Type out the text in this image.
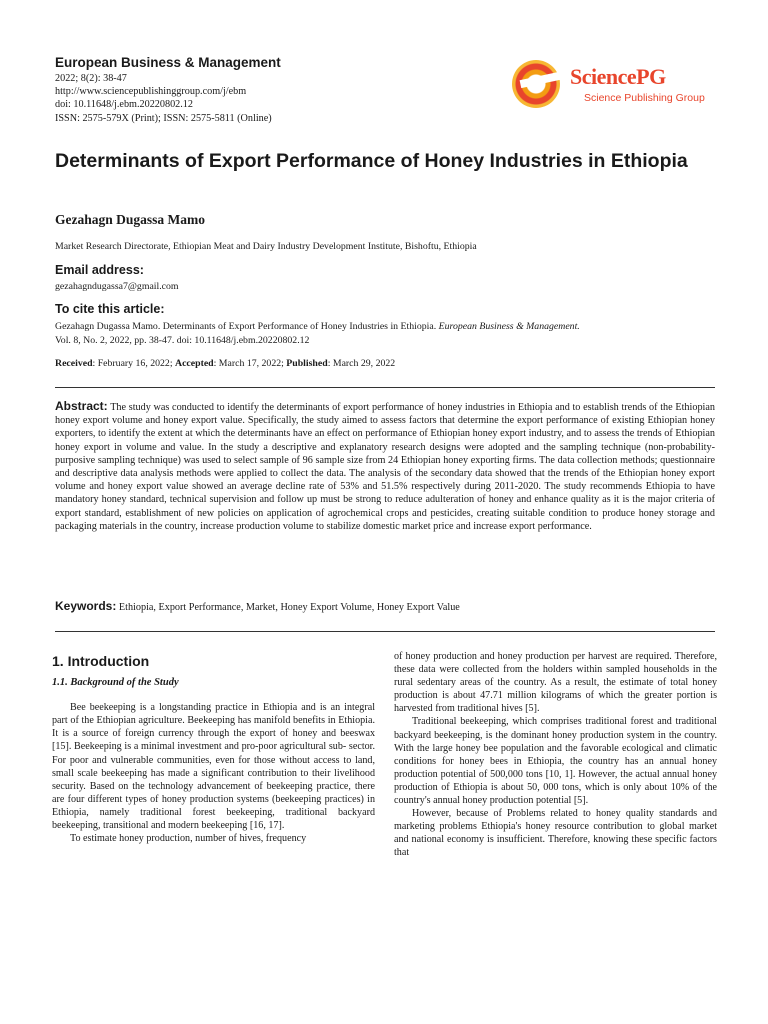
European Business & Management
2022; 8(2): 38-47
http://www.sciencepublishinggroup.com/j/ebm
doi: 10.11648/j.ebm.20220802.12
ISSN: 2575-579X (Print); ISSN: 2575-5811 (Online)
SciencePG
Science Publishing Group
Determinants of Export Performance of Honey Industries in Ethiopia
Gezahagn Dugassa Mamo
Market Research Directorate, Ethiopian Meat and Dairy Industry Development Institute, Bishoftu, Ethiopia
Email address:
gezahagndugassa7@gmail.com
To cite this article:
Gezahagn Dugassa Mamo. Determinants of Export Performance of Honey Industries in Ethiopia. European Business & Management.
Vol. 8, No. 2, 2022, pp. 38-47. doi: 10.11648/j.ebm.20220802.12
Received: February 16, 2022; Accepted: March 17, 2022; Published: March 29, 2022
Abstract: The study was conducted to identify the determinants of export performance of honey industries in Ethiopia and to establish trends of the Ethiopian honey export volume and honey export value. Specifically, the study aimed to assess factors that determine the export performance of existing Ethiopian honey exporters, to identify the extent at which the determinants have an effect on performance of Ethiopian honey export industry, and to assess the trends of Ethiopian honey export in volume and value. In the study a descriptive and explanatory research designs were adopted and the sampling technique (non-probability- purposive sampling technique) was used to select sample of 96 sample size from 24 Ethiopian honey exporting firms. The data collection methods; questionnaire and descriptive data analysis methods were applied to collect the data. The analysis of the secondary data showed that the trends of the Ethiopian honey export volume and honey export value showed an average decline rate of 53% and 51.5% respectively during 2011-2020. The study recommends Ethiopia to have mandatory honey standard, technical supervision and follow up must be strong to reduce adulteration of honey and enhance quality as it is the major criteria of export standard, establishment of new policies on application of agrochemical crops and pesticides, creating suitable condition to produce honey storage and packaging materials in the country, increase production volume to stabilize domestic market price and increase export performance.
Keywords: Ethiopia, Export Performance, Market, Honey Export Volume, Honey Export Value
1. Introduction
1.1. Background of the Study

Bee beekeeping is a longstanding practice in Ethiopia and is an integral part of the Ethiopian agriculture. Beekeeping has manifold benefits in Ethiopia. It is a source of foreign currency through the export of honey and beeswax [15]. Beekeeping is a minimal investment and pro-poor agricultural sub- sector. For poor and vulnerable communities, even for those without access to land, small scale beekeeping has made a significant contribution to their livelihood security. Based on the technology advancement of beekeeping practice, there are four different types of honey production systems (beekeeping practices) in Ethiopia, namely traditional forest beekeeping, traditional backyard beekeeping, transitional and modern beekeeping [16, 17].

To estimate honey production, number of hives, frequency

of honey production and honey production per harvest are required. Therefore, these data were collected from the holders within sampled households in the rural sedentary areas of the country. As a result, the estimate of total honey production is about 47.71 million kilograms of which the greater portion is harvested from traditional hives [5].

Traditional beekeeping, which comprises traditional forest and traditional backyard beekeeping, is the dominant honey production system in the country. With the large honey bee population and the favorable ecological and climatic conditions for honey bees in Ethiopia, the country has an annual honey production potential of 500,000 tons [10, 1]. However, the actual annual honey production of Ethiopia is about 50, 000 tons, which is only about 10% of the country's annual honey production potential [5].

However, because of Problems related to honey quality standards and marketing problems Ethiopia's honey resource contribution to global market and national economy is insufficient. Therefore, knowing these specific factors that
